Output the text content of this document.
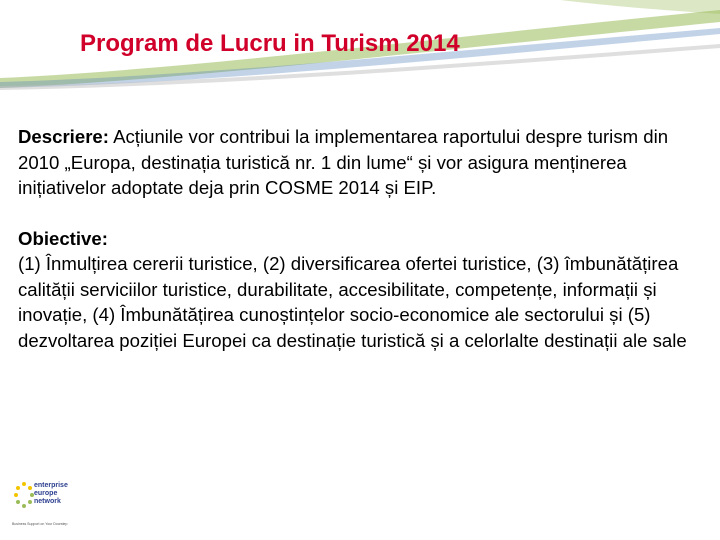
Program de Lucru in Turism 2014

Descriere: Acțiunile vor contribui la implementarea raportului despre turism din 2010 „Europa, destinația turistică nr. 1 din lume“ și vor asigura menținerea inițiativelor adoptate deja prin COSME 2014 și EIP.

Obiective:

(1) Înmulțirea cererii turistice, (2) diversificarea ofertei turistice, (3) îmbunătățirea calității serviciilor turistice, durabilitate, accesibilitate, competențe, informații și inovație, (4) Îmbunătățirea cunoștințelor socio-economice ale sectorului și (5) dezvoltarea poziției Europei ca destinație turistică și a celorlalte destinații ale sale

enterprise
europe
network
Business Support on Your Doorstep
